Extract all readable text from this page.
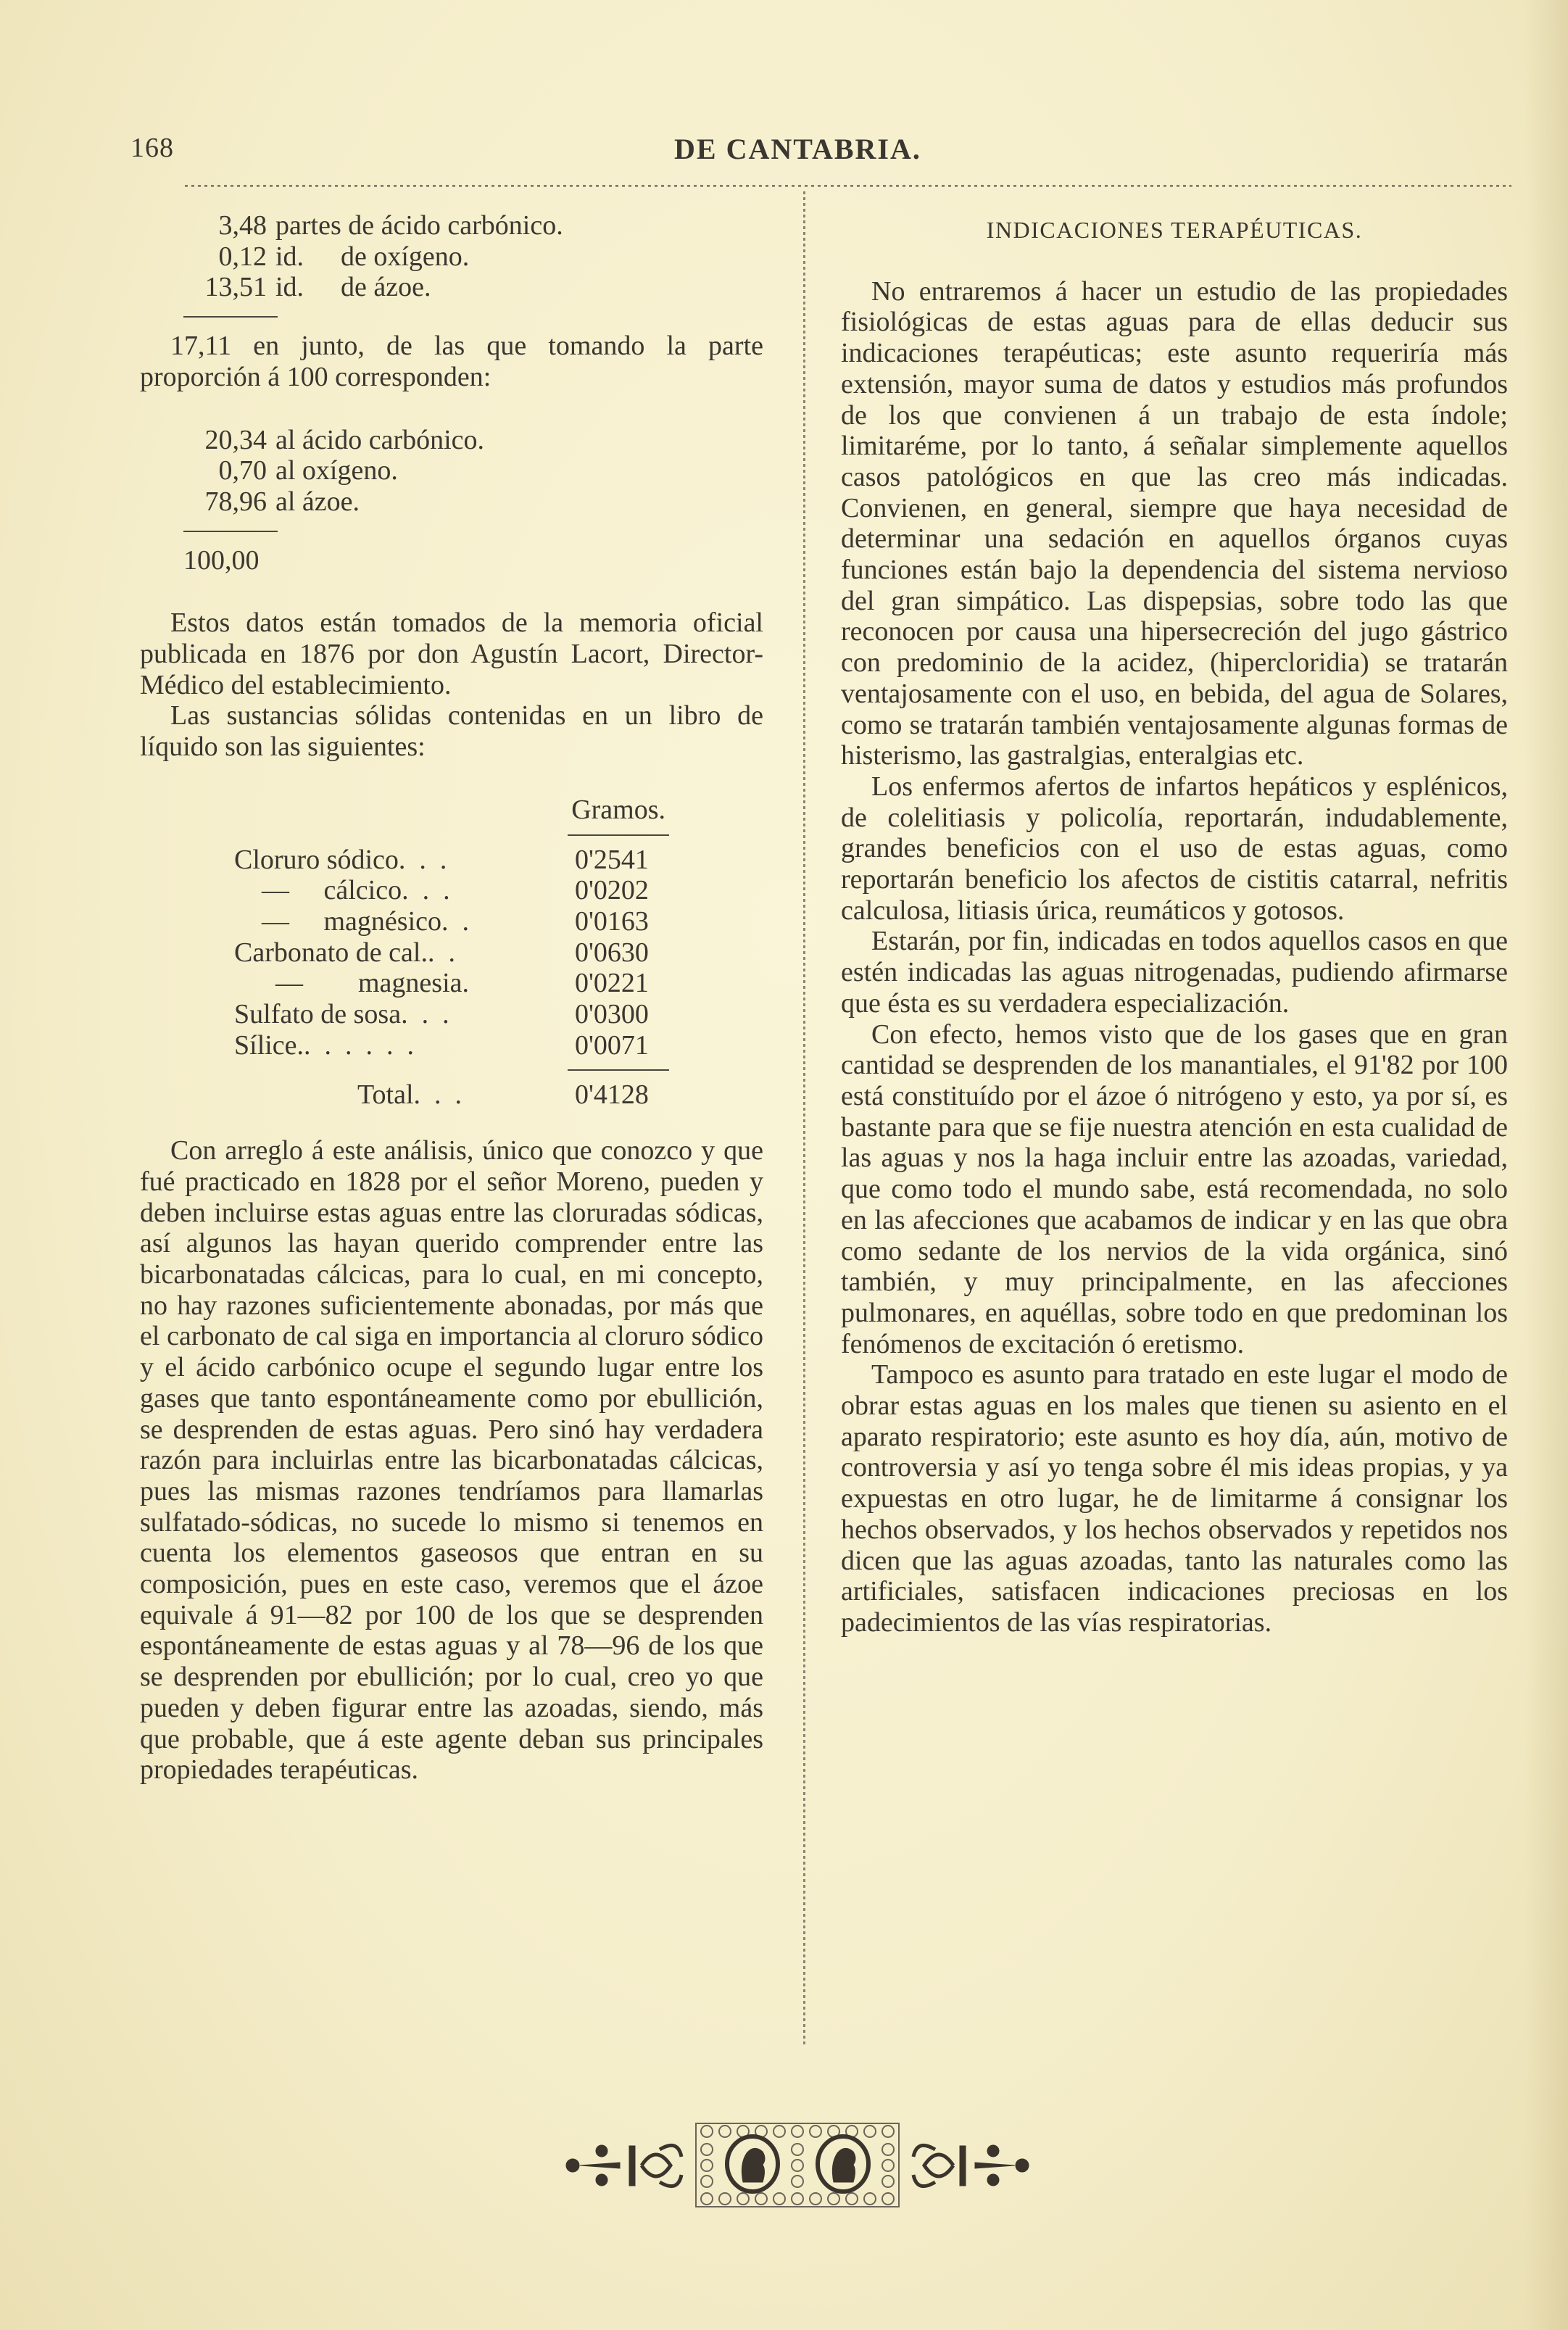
168	DE CANTABRIA.
3,48 partes de ácido carbónico.
0,12 id.	de oxígeno.
13,51 id.	de ázoe.

17,11 en junto, de las que tomando la parte proporción á 100 corresponden:

20,34 al ácido carbónico.
0,70 al oxígeno.
78,96 al ázoe.
100,00

Estos datos están tomados de la memoria oficial publicada en 1876 por don Agustín Lacort, Director-Médico del establecimiento.

Las sustancias sólidas contenidas en un libro de líquido son las siguientes:

Gramos.
Cloruro sódico.  .  .	0'2541
—     cálcico.  .  .	0'0202
—     magnésico.  .	0'0163
Carbonato de cal..  .	0'0630
—        magnesia.	0'0221
Sulfato de sosa.  .  .	0'0300
Sílice..  .  .  .  .  .	0'0071
Total.  .  .	0'4128

Con arreglo á este análisis, único que conozco y que fué practicado en 1828 por el señor Moreno, pueden y deben incluirse estas aguas entre las cloruradas sódicas, así algunos las hayan querido comprender entre las bicarbonatadas cálcicas, para lo cual, en mi concepto, no hay razones suficientemente abonadas, por más que el carbonato de cal siga en importancia al cloruro sódico y el ácido carbónico ocupe el segundo lugar entre los gases que tanto espontáneamente como por ebullición, se desprenden de estas aguas. Pero sinó hay verdadera razón para incluirlas entre las bicarbonatadas cálcicas, pues las mismas razones tendríamos para llamarlas sulfatado-sódicas, no sucede lo mismo si tenemos en cuenta los elementos gaseosos que entran en su composición, pues en este caso, veremos que el ázoe equivale á 91—82 por 100 de los que se desprenden espontáneamente de estas aguas y al 78—96 de los que se desprenden por ebullición; por lo cual, creo yo que pueden y deben figurar entre las azoadas, siendo, más que probable, que á este agente deban sus principales propiedades terapéuticas.

INDICACIONES TERAPÉUTICAS.

No entraremos á hacer un estudio de las propiedades fisiológicas de estas aguas para de ellas deducir sus indicaciones terapéuticas; este asunto requeriría más extensión, mayor suma de datos y estudios más profundos de los que convienen á un trabajo de esta índole; limitaréme, por lo tanto, á señalar simplemente aquellos casos patológicos en que las creo más indicadas. Convienen, en general, siempre que haya necesidad de determinar una sedación en aquellos órganos cuyas funciones están bajo la dependencia del sistema nervioso del gran simpático. Las dispepsias, sobre todo las que reconocen por causa una hipersecreción del jugo gástrico con predominio de la acidez, (hipercloridia) se tratarán ventajosamente con el uso, en bebida, del agua de Solares, como se tratarán también ventajosamente algunas formas de histerismo, las gastralgias, enteralgias etc.

Los enfermos afertos de infartos hepáticos y esplénicos, de colelitiasis y policolía, reportarán, indudablemente, grandes beneficios con el uso de estas aguas, como reportarán beneficio los afectos de cistitis catarral, nefritis calculosa, litiasis úrica, reumáticos y gotosos.

Estarán, por fin, indicadas en todos aquellos casos en que estén indicadas las aguas nitrogenadas, pudiendo afirmarse que ésta es su verdadera especialización.

Con efecto, hemos visto que de los gases que en gran cantidad se desprenden de los manantiales, el 91'82 por 100 está constituído por el ázoe ó nitrógeno y esto, ya por sí, es bastante para que se fije nuestra atención en esta cualidad de las aguas y nos la haga incluir entre las azoadas, variedad, que como todo el mundo sabe, está recomendada, no solo en las afecciones que acabamos de indicar y en las que obra como sedante de los nervios de la vida orgánica, sinó también, y muy principalmente, en las afecciones pulmonares, en aquéllas, sobre todo en que predominan los fenómenos de excitación ó eretismo.

Tampoco es asunto para tratado en este lugar el modo de obrar estas aguas en los males que tienen su asiento en el aparato respiratorio; este asunto es hoy día, aún, motivo de controversia y así yo tenga sobre él mis ideas propias, y ya expuestas en otro lugar, he de limitarme á consignar los hechos observados, y los hechos observados y repetidos nos dicen que las aguas azoadas, tanto las naturales como las artificiales, satisfacen indicaciones preciosas en los padecimientos de las vías respiratorias.
